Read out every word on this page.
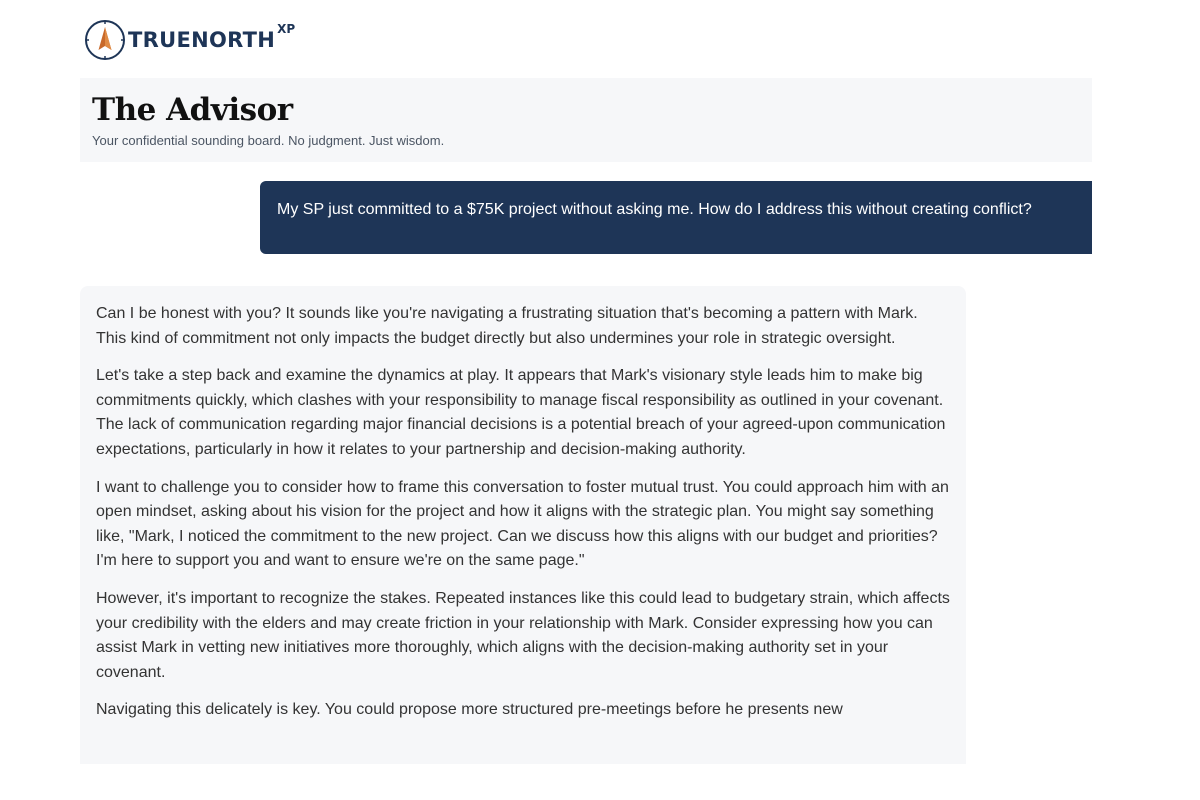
TRUENORTH XP
The Advisor

Your confidential sounding board. No judgment. Just wisdom.

My SP just committed to a $75K project without asking me. How do I address this without creating conflict?

Can I be honest with you? It sounds like you're navigating a frustrating situation that's becoming a pattern with Mark. This kind of commitment not only impacts the budget directly but also undermines your role in strategic oversight.

Let's take a step back and examine the dynamics at play. It appears that Mark's visionary style leads him to make big commitments quickly, which clashes with your responsibility to manage fiscal responsibility as outlined in your covenant. The lack of communication regarding major financial decisions is a potential breach of your agreed-upon communication expectations, particularly in how it relates to your partnership and decision-making authority.

I want to challenge you to consider how to frame this conversation to foster mutual trust. You could approach him with an open mindset, asking about his vision for the project and how it aligns with the strategic plan. You might say something like, "Mark, I noticed the commitment to the new project. Can we discuss how this aligns with our budget and priorities? I'm here to support you and want to ensure we're on the same page."

However, it's important to recognize the stakes. Repeated instances like this could lead to budgetary strain, which affects your credibility with the elders and may create friction in your relationship with Mark. Consider expressing how you can assist Mark in vetting new initiatives more thoroughly, which aligns with the decision-making authority set in your covenant.

Navigating this delicately is key. You could propose more structured pre-meetings before he presents new
